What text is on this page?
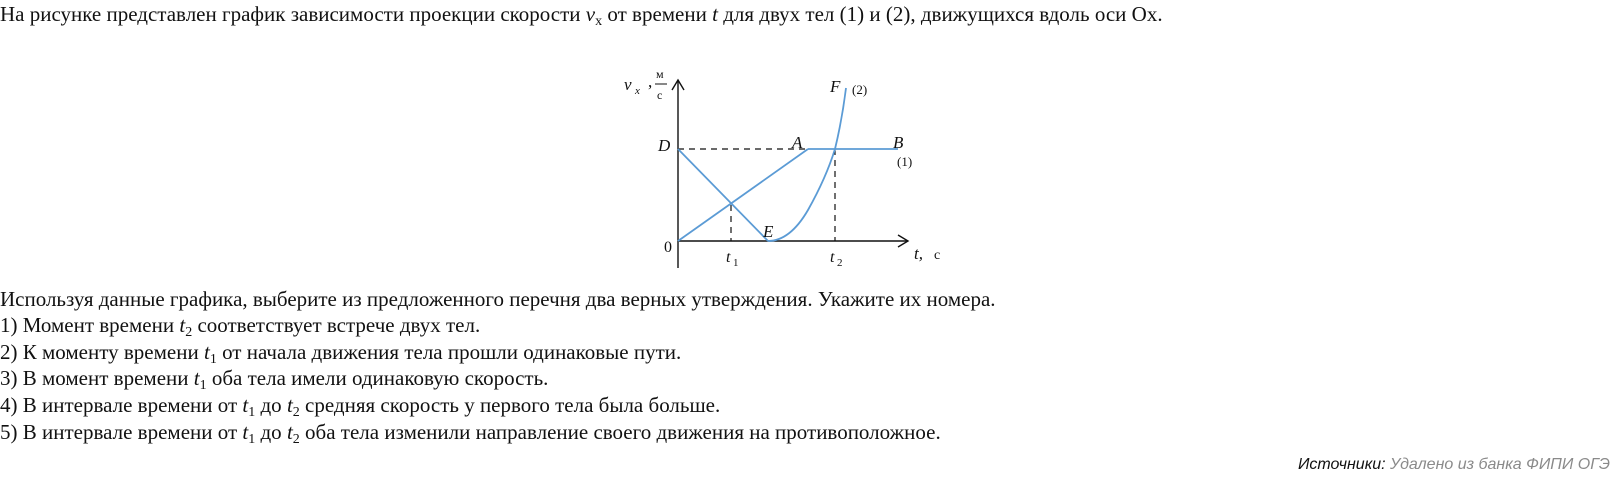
На рисунке представлен график зависимости проекции скорости $v_x$ от времени t для двух тел (1) и (2), движущихся вдоль оси Ox.
v x , м
с
t, с
0
D	A	B
E
F (2)
(1)
t 1	t 2
Используя данные графика, выберите из предложенного перечня два верных утверждения. Укажите их номера.
1) Момент времени $t_2$ соответствует встрече двух тел.
2) К моменту времени $t_1$ от начала движения тела прошли одинаковые пути.
3) В момент времени $t_1$ оба тела имели одинаковую скорость.
4) В интервале времени от $t_1$ до $t_2$ средняя скорость у первого тела была больше.
5) В интервале времени от $t_1$ до $t_2$ оба тела изменили направление своего движения на противоположное.
Источники: Удалено из банка ФИПИ ОГЭ
